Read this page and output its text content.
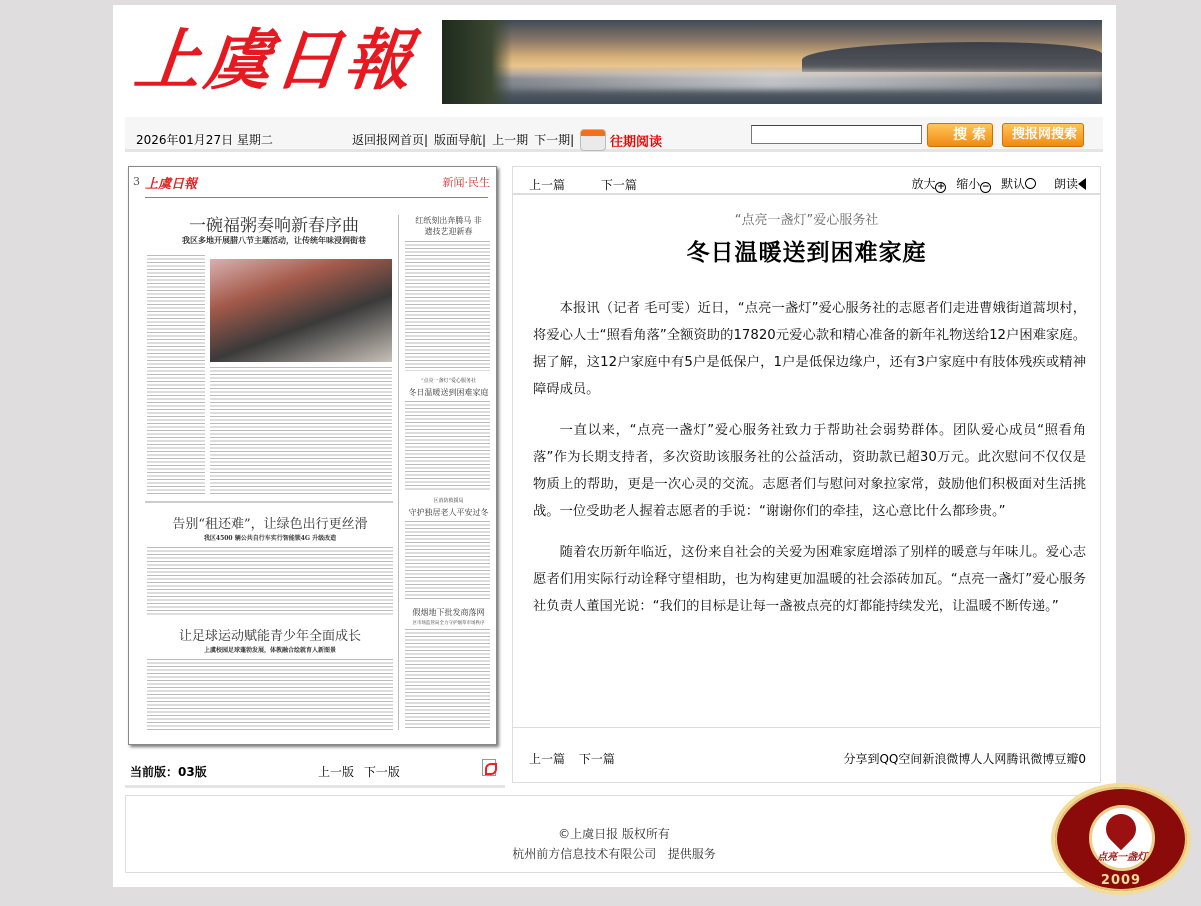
上虞日報
2026年01月27日 星期二	返回报网首页| 版面导航| 上一期 下一期|	往期阅读	搜 索	搜报网搜索
3 上虞日報	新闻·民生
一碗福粥奏响新春序曲
我区多地开展腊八节主题活动，让传统年味浸润街巷
红纸刻出奔腾马 非遗技艺迎新春
“点亮一盏灯”爱心服务社
冬日温暖送到困难家庭
区消防救援局
守护独居老人平安过冬
假烟地下批发商落网
区市场监管局全力守护烟草市场秩序
告别“租还难”，让绿色出行更丝滑
我区4500 辆公共自行车实行智能锁4G 升级改造
让足球运动赋能青少年全面成长
上虞校园足球蓬勃发展，体教融合绘就育人新图景
当前版：03版	上一版 下一版
上一篇	下一篇	放大 + 缩小 − 默认 朗读
“点亮一盏灯”爱心服务社
冬日温暖送到困难家庭

本报讯（记者 毛可雯）近日，“点亮一盏灯”爱心服务社的志愿者们走进曹娥街道蒿坝村，将爱心人士“照看角落”全额资助的17820元爱心款和精心准备的新年礼物送给12户困难家庭。据了解，这12户家庭中有5户是低保户，1户是低保边缘户，还有3户家庭中有肢体残疾或精神障碍成员。

一直以来，“点亮一盏灯”爱心服务社致力于帮助社会弱势群体。团队爱心成员“照看角落”作为长期支持者，多次资助该服务社的公益活动，资助款已超30万元。此次慰问不仅仅是物质上的帮助，更是一次心灵的交流。志愿者们与慰问对象拉家常，鼓励他们积极面对生活挑战。一位受助老人握着志愿者的手说：“谢谢你们的牵挂，这心意比什么都珍贵。”

随着农历新年临近，这份来自社会的关爱为困难家庭增添了别样的暖意与年味儿。爱心志愿者们用实际行动诠释守望相助，也为构建更加温暖的社会添砖加瓦。“点亮一盏灯”爱心服务社负责人董国光说：“我们的目标是让每一盏被点亮的灯都能持续发光，让温暖不断传递。”

上一篇 下一篇	分享到QQ空间新浪微博人人网腾讯微博豆瓣0
©上虞日报 版权所有
杭州前方信息技术有限公司   提供服务	点亮一盏灯
2009
